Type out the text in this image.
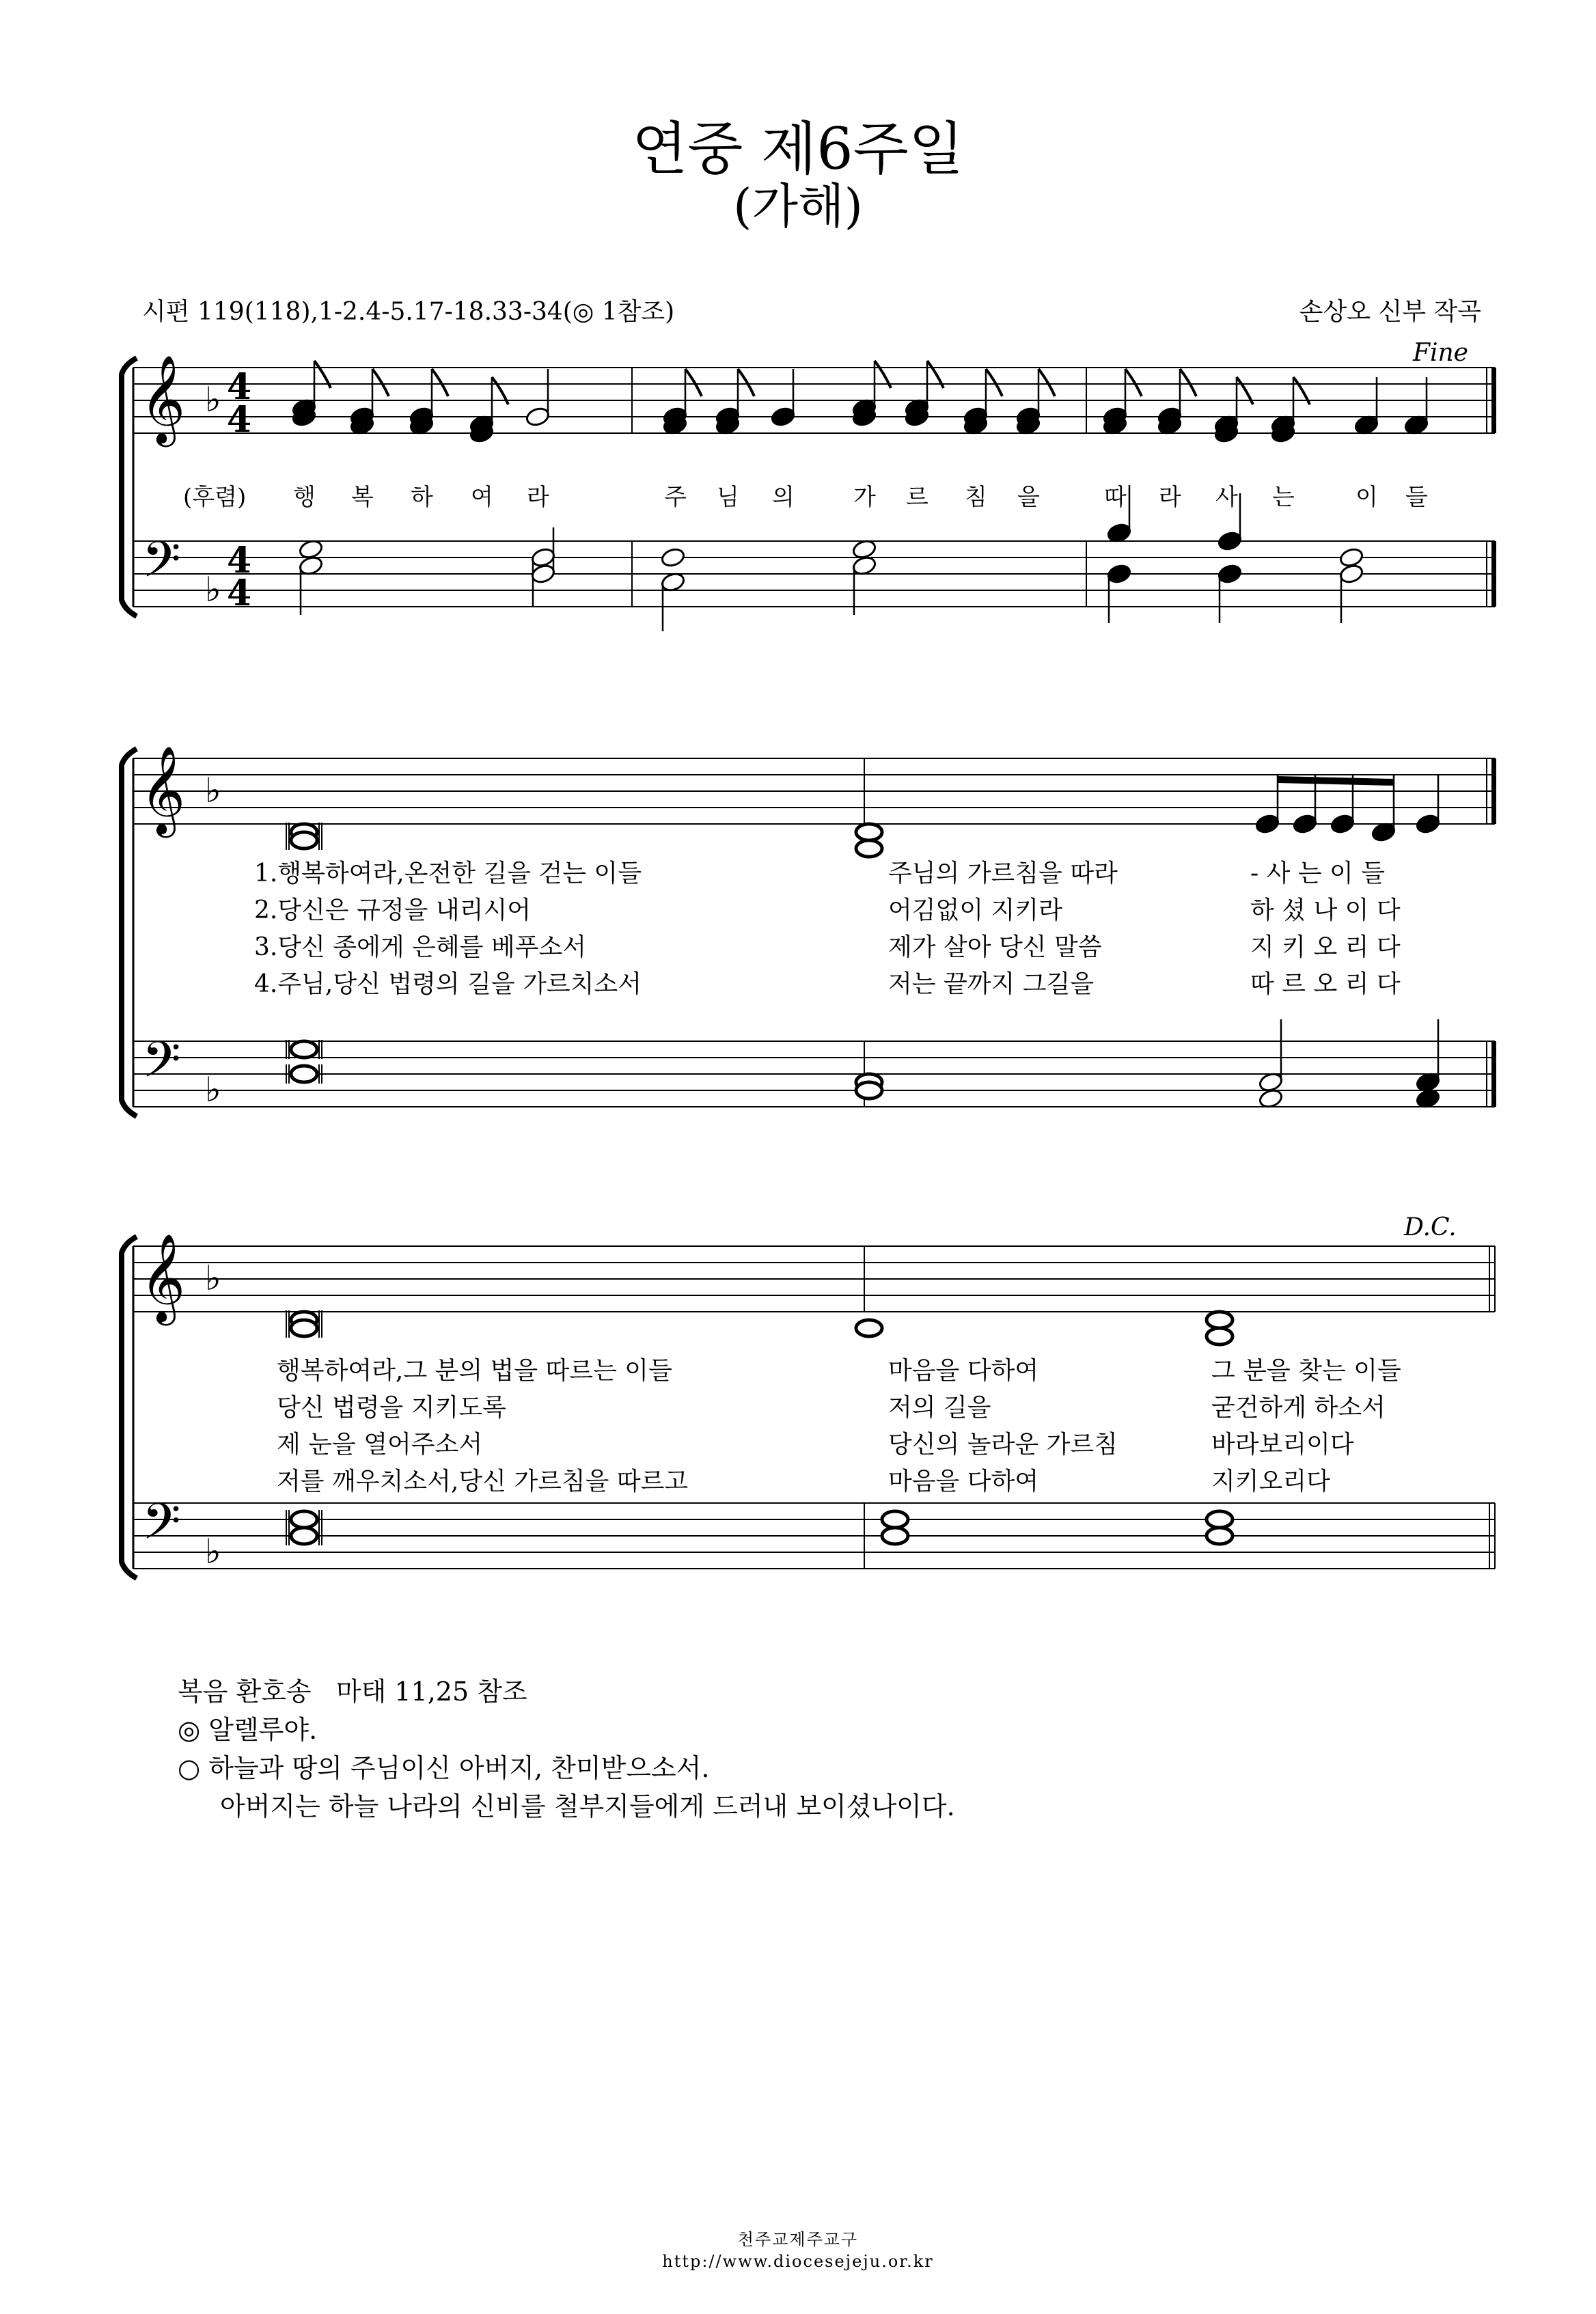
연중 제6주일
(가해)
시편 119(118),1-2.4-5.17-18.33-34(◎ 1참조)	손상오 신부 작곡
Fine
D.C.
𝄞
𝄢
♭
♭
4
4
4
4
𝄞
𝄢
♭
♭
𝄞
𝄢
♭
♭
(후렴) 행 복 하 여 라	주 님 의	가 르 침 을	따 라 사 는	이 들
1.행복하여라,온전한 길을 걷는 이들	주님의 가르침을 따라	- 사 는 이 들
2.당신은 규정을 내리시어	어김없이 지키라	하 셨 나 이 다
3.당신 종에게 은혜를 베푸소서	제가 살아 당신 말씀	지 키 오 리 다
4.주님,당신 법령의 길을 가르치소서	저는 끝까지 그길을	따 르 오 리 다
행복하여라,그 분의 법을 따르는 이들	마음을 다하여	그 분을 찾는 이들
당신 법령을 지키도록	저의 길을	굳건하게 하소서
제 눈을 열어주소서	당신의 놀라운 가르침	바라보리이다
저를 깨우치소서,당신 가르침을 따르고	마음을 다하여	지키오리다
복음 환호송 마태 11,25 참조
◎ 알렐루야.
○ 하늘과 땅의 주님이신 아버지, 찬미받으소서.
아버지는 하늘 나라의 신비를 철부지들에게 드러내 보이셨나이다.
천주교제주교구
http://www.diocesejeju.or.kr
